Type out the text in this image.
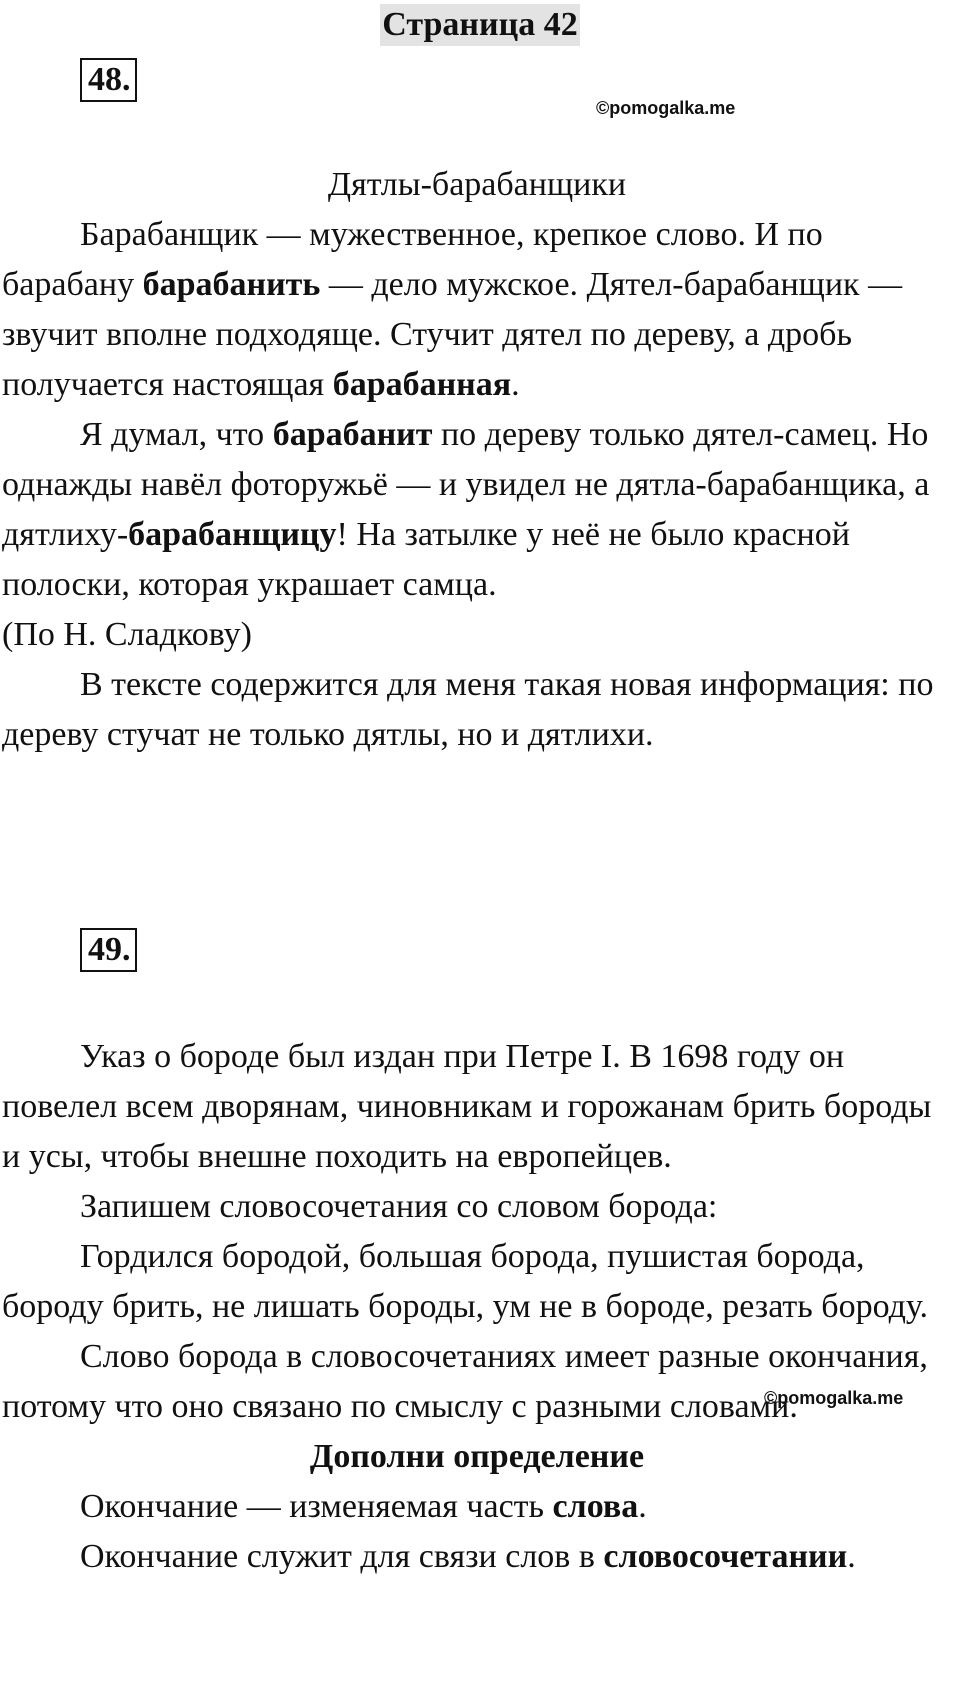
Страница 42
48.
©pomogalka.me

Дятлы-барабанщики

Барабанщик — мужественное, крепкое слово. И по барабану барабанить — дело мужское. Дятел-барабанщик — звучит вполне подходяще. Стучит дятел по дереву, а дробь получается настоящая барабанная.

Я думал, что барабанит по дереву только дятел-самец. Но однажды навёл фоторужьё — и увидел не дятла-барабанщика, а дятлиху-барабанщицу! На затылке у неё не было красной полоски, которая украшает самца.

(По Н. Сладкову)

В тексте содержится для меня такая новая информация: по дереву стучат не только дятлы, но и дятлихи.

49.

Указ о бороде был издан при Петре I. В 1698 году он повелел всем дворянам, чиновникам и горожанам брить бороды и усы, чтобы внешне походить на европейцев.

Запишем словосочетания со словом борода:

Гордился бородой, большая борода, пушистая борода, бороду брить, не лишать бороды, ум не в бороде, резать бороду.

Слово борода в словосочетаниях имеет разные окончания, потому что оно связано по смыслу с разными словами.

Дополни определение

Окончание — изменяемая часть слова.

Окончание служит для связи слов в словосочетании.

©pomogalka.me
